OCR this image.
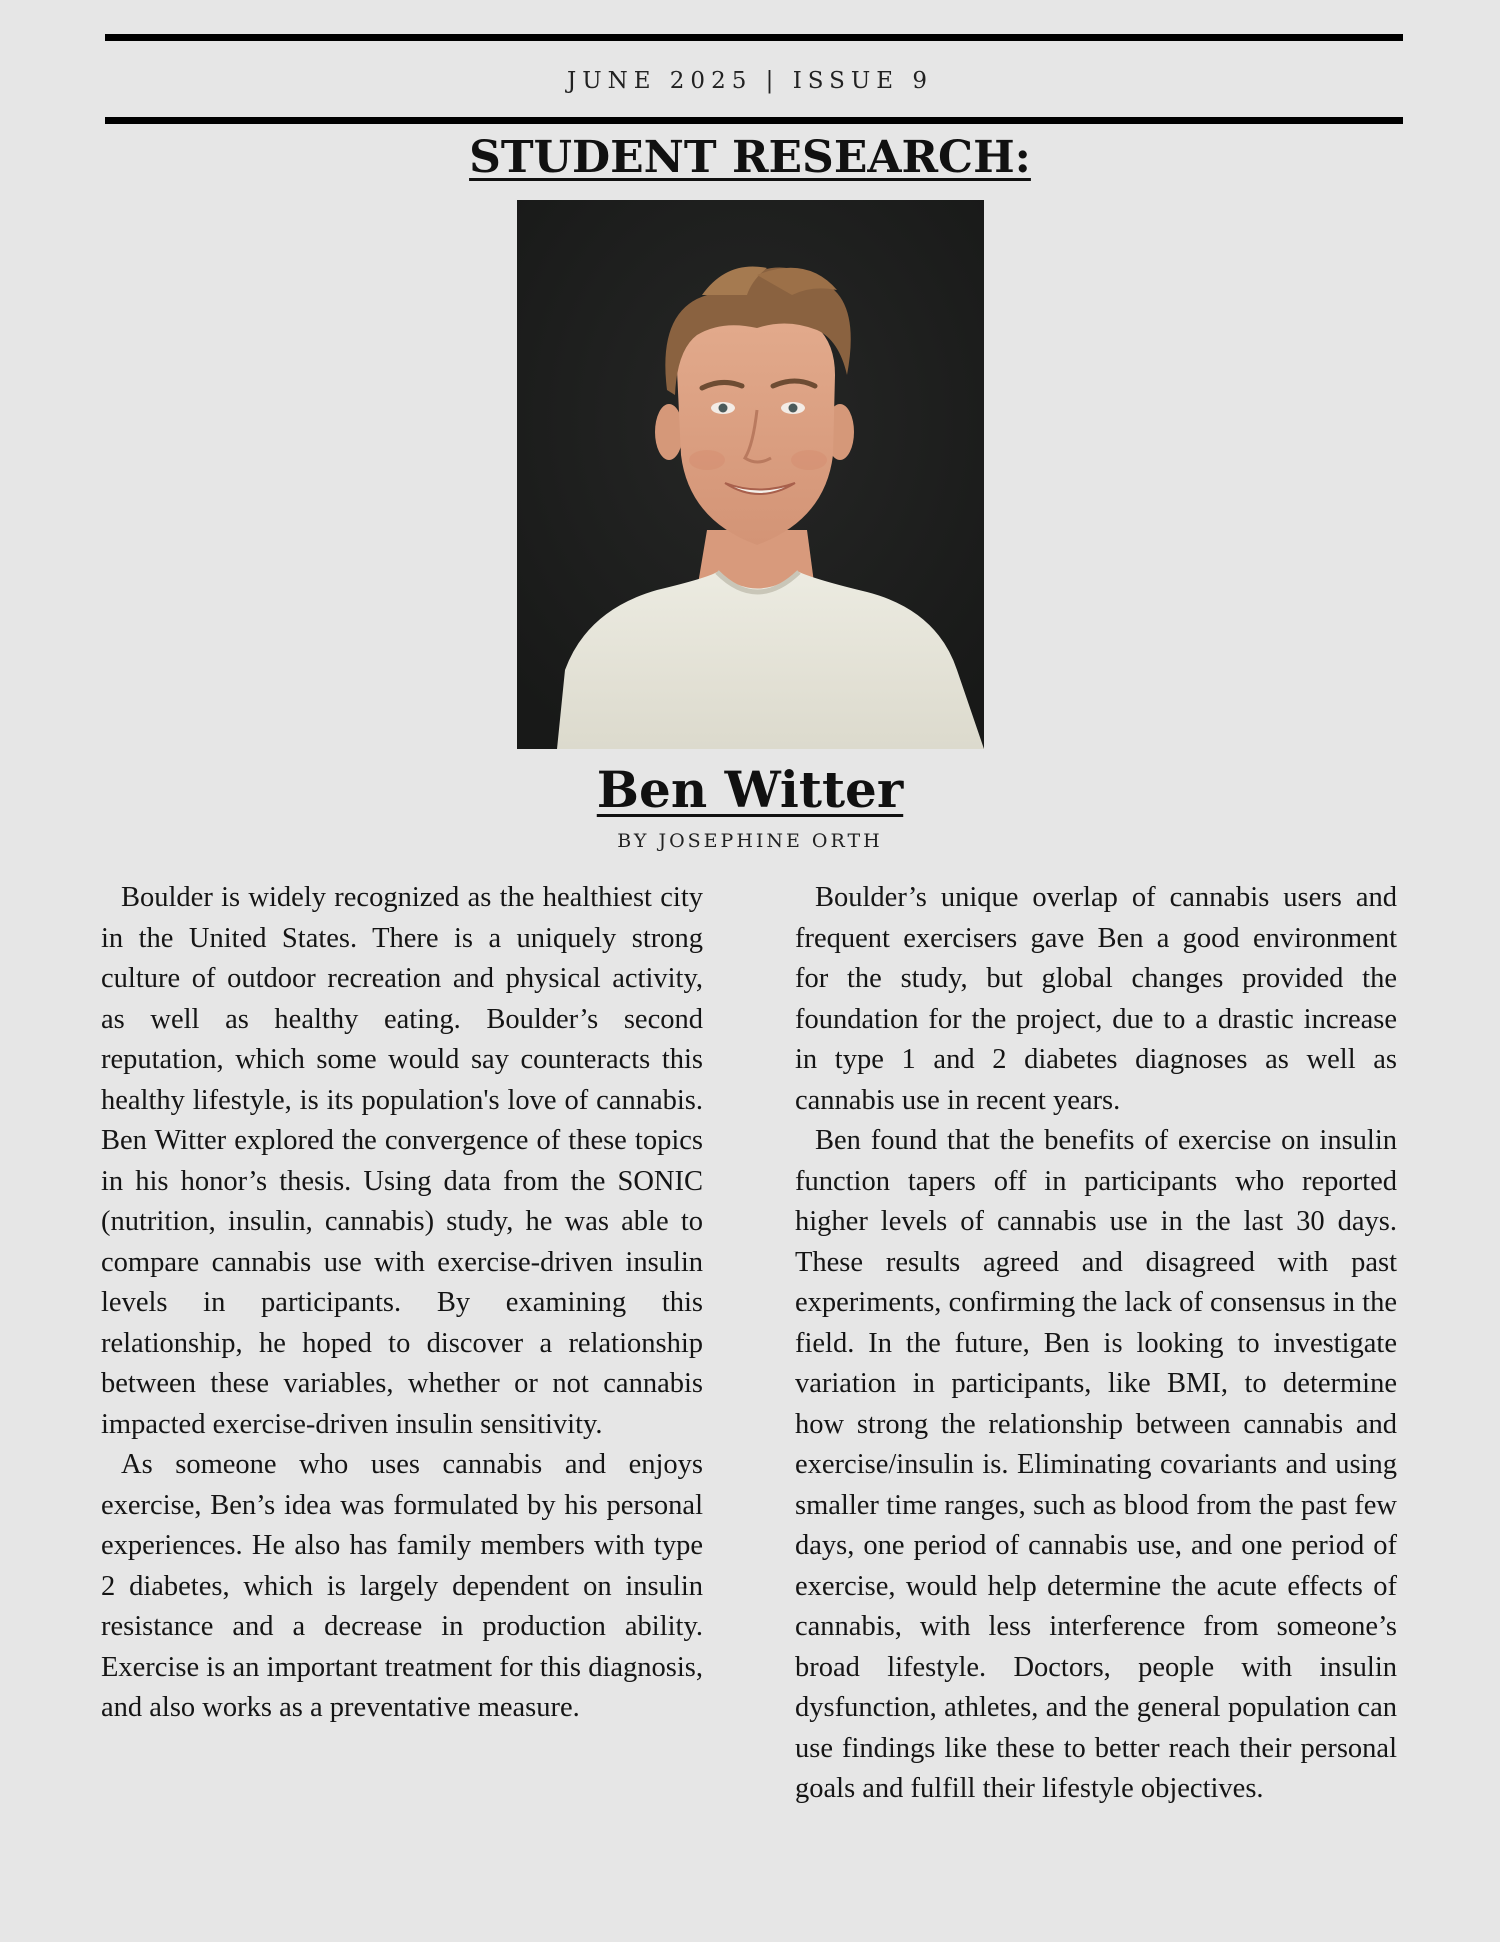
JUNE 2025 | ISSUE 9
STUDENT RESEARCH:
Ben Witter
BY JOSEPHINE ORTH

Boulder is widely recognized as the healthiest city in the United States. There is a uniquely strong culture of outdoor recreation and physical activity, as well as healthy eating. Boulder’s second reputation, which some would say counteracts this healthy lifestyle, is its population's love of cannabis. Ben Witter explored the convergence of these topics in his honor’s thesis. Using data from the SONIC (nutrition, insulin, cannabis) study, he was able to compare cannabis use with exercise-driven insulin levels in participants. By examining this relationship, he hoped to discover a relationship between these variables, whether or not cannabis impacted exercise-driven insulin sensitivity.

As someone who uses cannabis and enjoys exercise, Ben’s idea was formulated by his personal experiences. He also has family members with type 2 diabetes, which is largely dependent on insulin resistance and a decrease in production ability. Exercise is an important treatment for this diagnosis, and also works as a preventative measure.

Boulder’s unique overlap of cannabis users and frequent exercisers gave Ben a good environment for the study, but global changes provided the foundation for the project, due to a drastic increase in type 1 and 2 diabetes diagnoses as well as cannabis use in recent years.

Ben found that the benefits of exercise on insulin function tapers off in participants who reported higher levels of cannabis use in the last 30 days. These results agreed and disagreed with past experiments, confirming the lack of consensus in the field. In the future, Ben is looking to investigate variation in participants, like BMI, to determine how strong the relationship between cannabis and exercise/insulin is. Eliminating covariants and using smaller time ranges, such as blood from the past few days, one period of cannabis use, and one period of exercise, would help determine the acute effects of cannabis, with less interference from someone’s broad lifestyle. Doctors, people with insulin dysfunction, athletes, and the general population can use findings like these to better reach their personal goals and fulfill their lifestyle objectives.
